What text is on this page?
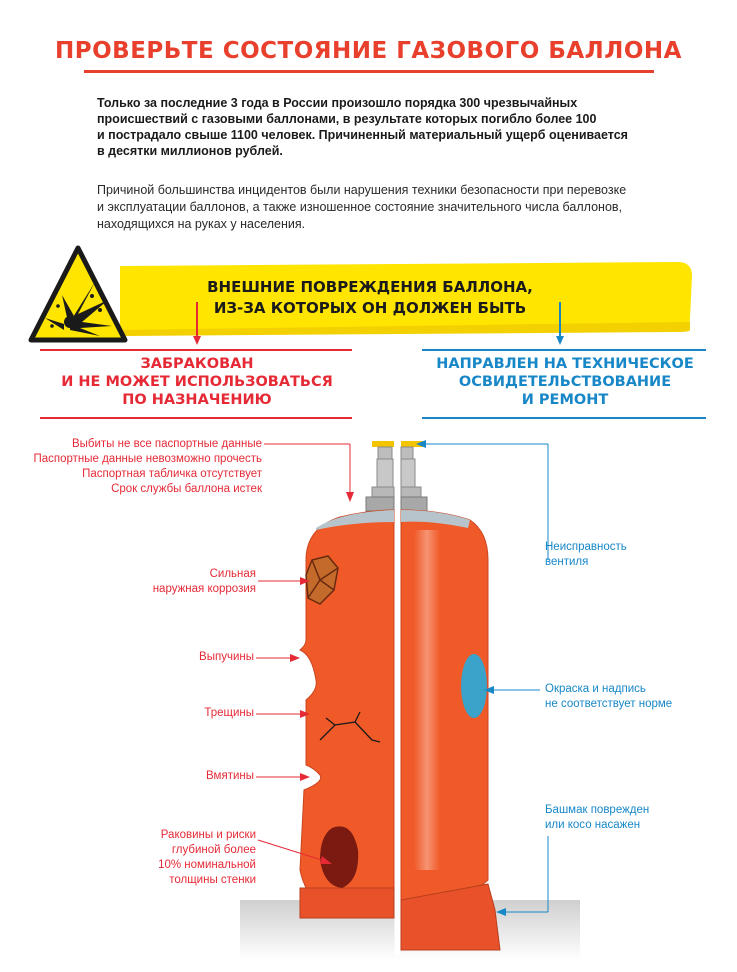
ПРОВЕРЬТЕ СОСТОЯНИЕ ГАЗОВОГО БАЛЛОНА
Только за последние 3 года в России произошло порядка 300 чрезвычайных
происшествий с газовыми баллонами, в результате которых погибло более 100
и пострадало свыше 1100 человек. Причиненный материальный ущерб оценивается
в десятки миллионов рублей.
Причиной большинства инцидентов были нарушения техники безопасности при перевозке
и эксплуатации баллонов, а также изношенное состояние значительного числа баллонов,
находящихся на руках у населения.
ВНЕШНИЕ ПОВРЕЖДЕНИЯ БАЛЛОНА,
ИЗ-ЗА КОТОРЫХ ОН ДОЛЖЕН БЫТЬ
ЗАБРАКОВАН
И НЕ МОЖЕТ ИСПОЛЬЗОВАТЬСЯ
ПО НАЗНАЧЕНИЮ
НАПРАВЛЕН НА ТЕХНИЧЕСКОЕ
ОСВИДЕТЕЛЬСТВОВАНИЕ
И РЕМОНТ
Выбиты не все паспортные данные
Паспортные данные невозможно прочесть
Паспортная табличка отсутствует
Срок службы баллона истек
Сильная
наружная коррозия
Выпучины
Трещины
Вмятины
Раковины и риски
глубиной более
10% номинальной
толщины стенки
Неисправность
вентиля
Окраска и надпись
не соответствует норме
Башмак поврежден
или косо насажен
